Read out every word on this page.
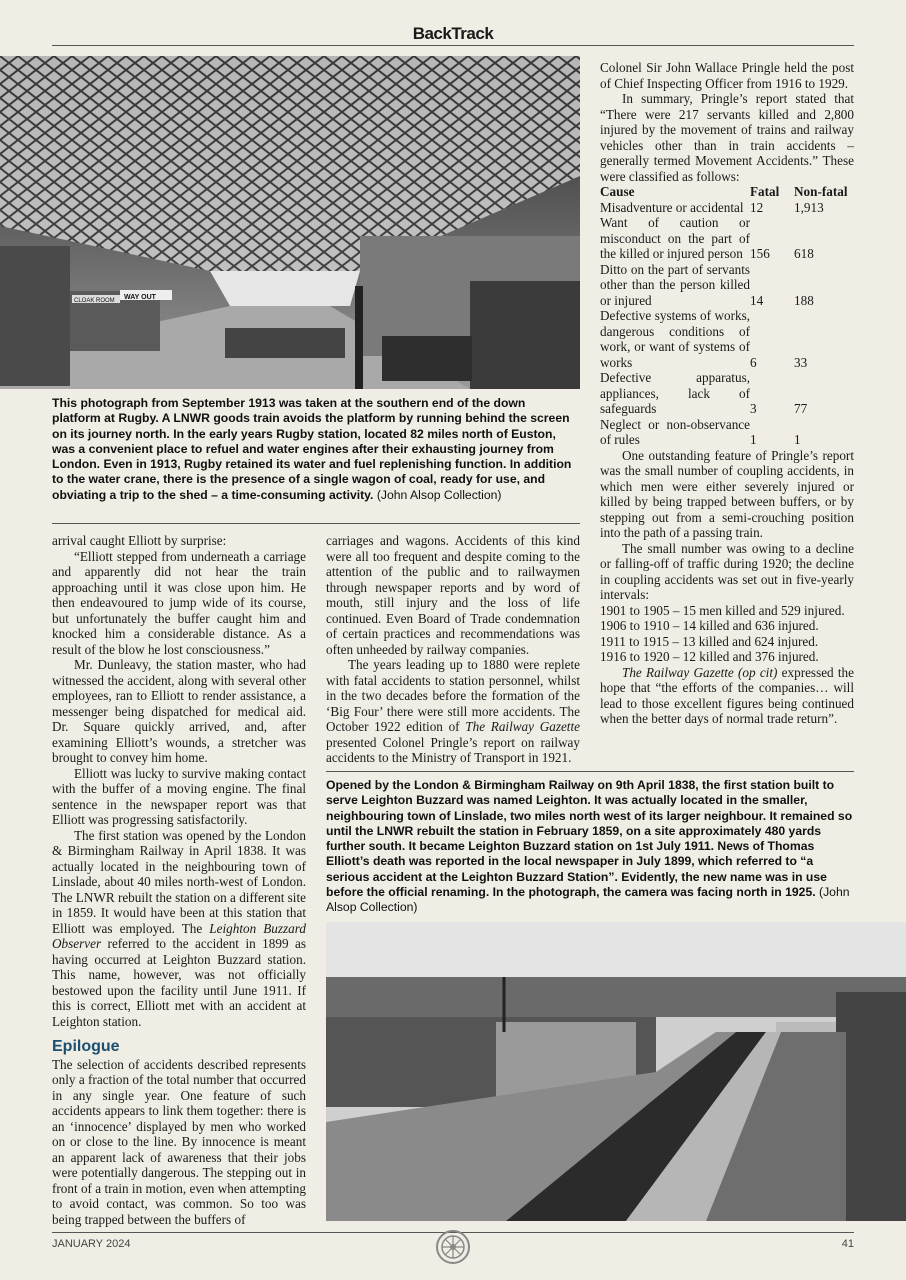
BackTrack
CLOAK ROOM WAY OUT
This photograph from September 1913 was taken at the southern end of the down platform at Rugby. A LNWR goods train avoids the platform by running behind the screen on its journey north. In the early years Rugby station, located 82 miles north of Euston, was a convenient place to refuel and water engines after their exhausting journey from London. Even in 1913, Rugby retained its water and fuel replenishing function. In addition to the water crane, there is the presence of a single wagon of coal, ready for use, and obviating a trip to the shed – a time-consuming activity. (John Alsop Collection)

arrival caught Elliott by surprise:

“Elliott stepped from underneath a carriage and apparently did not hear the train approaching until it was close upon him. He then endeavoured to jump wide of its course, but unfortunately the buffer caught him and knocked him a considerable distance. As a result of the blow he lost consciousness.”

Mr. Dunleavy, the station master, who had witnessed the accident, along with several other employees, ran to Elliott to render assistance, a messenger being dispatched for medical aid. Dr. Square quickly arrived, and, after examining Elliott’s wounds, a stretcher was brought to convey him home.

Elliott was lucky to survive making contact with the buffer of a moving engine. The final sentence in the newspaper report was that Elliott was progressing satisfactorily.

The first station was opened by the London & Birmingham Railway in April 1838. It was actually located in the neighbouring town of Linslade, about 40 miles north-west of London. The LNWR rebuilt the station on a different site in 1859. It would have been at this station that Elliott was employed. The Leighton Buzzard Observer referred to the accident in 1899 as having occurred at Leighton Buzzard station. This name, however, was not officially bestowed upon the facility until June 1911. If this is correct, Elliott met with an accident at Leighton station.

Epilogue

The selection of accidents described represents only a fraction of the total number that occurred in any single year. One feature of such accidents appears to link them together: there is an ‘innocence’ displayed by men who worked on or close to the line. By innocence is meant an apparent lack of awareness that their jobs were potentially dangerous. The stepping out in front of a train in motion, even when attempting to avoid contact, was common. So too was being trapped between the buffers of

carriages and wagons. Accidents of this kind were all too frequent and despite coming to the attention of the public and to railwaymen through newspaper reports and by word of mouth, still injury and the loss of life continued. Even Board of Trade condemnation of certain practices and recommendations was often unheeded by railway companies.

The years leading up to 1880 were replete with fatal accidents to station personnel, whilst in the two decades before the formation of the ‘Big Four’ there were still more accidents. The October 1922 edition of The Railway Gazette presented Colonel Pringle’s report on railway accidents to the Ministry of Transport in 1921.

Colonel Sir John Wallace Pringle held the post of Chief Inspecting Officer from 1916 to 1929.

In summary, Pringle’s report stated that “There were 217 servants killed and 2,800 injured by the movement of trains and railway vehicles other than in train accidents – generally termed Movement Accidents.” These were classified as follows:

Cause	Fatal	Non-fatal
Misadventure or accidental	12	1,913
Want of caution or misconduct on the part of the killed or injured person	156	618
Ditto on the part of servants other than the person killed or injured	14	188
Defective systems of works, dangerous conditions of work, or want of systems of works	6	33
Defective apparatus, appliances, lack of safeguards	3	77
Neglect or non-observance of rules	1	1

One outstanding feature of Pringle’s report was the small number of coupling accidents, in which men were either severely injured or killed by being trapped between buffers, or by stepping out from a semi-crouching position into the path of a passing train.

The small number was owing to a decline or falling-off of traffic during 1920; the decline in coupling accidents was set out in five-yearly intervals:

1901 to 1905 – 15 men killed and 529 injured.

1906 to 1910 – 14 killed and 636 injured.

1911 to 1915 – 13 killed and 624 injured.

1916 to 1920 – 12 killed and 376 injured.

The Railway Gazette (op cit) expressed the hope that “the efforts of the companies… will lead to those excellent figures being continued when the better days of normal trade return”.

Opened by the London & Birmingham Railway on 9th April 1838, the first station built to serve Leighton Buzzard was named Leighton. It was actually located in the smaller, neighbouring town of Linslade, two miles north west of its larger neighbour. It remained so until the LNWR rebuilt the station in February 1859, on a site approximately 480 yards further south. It became Leighton Buzzard station on 1st July 1911. News of Thomas Elliott’s death was reported in the local newspaper in July 1899, which referred to “a serious accident at the Leighton Buzzard Station”. Evidently, the new name was in use before the official renaming. In the photograph, the camera was facing north in 1925. (John Alsop Collection)
JANUARY 2024	41
